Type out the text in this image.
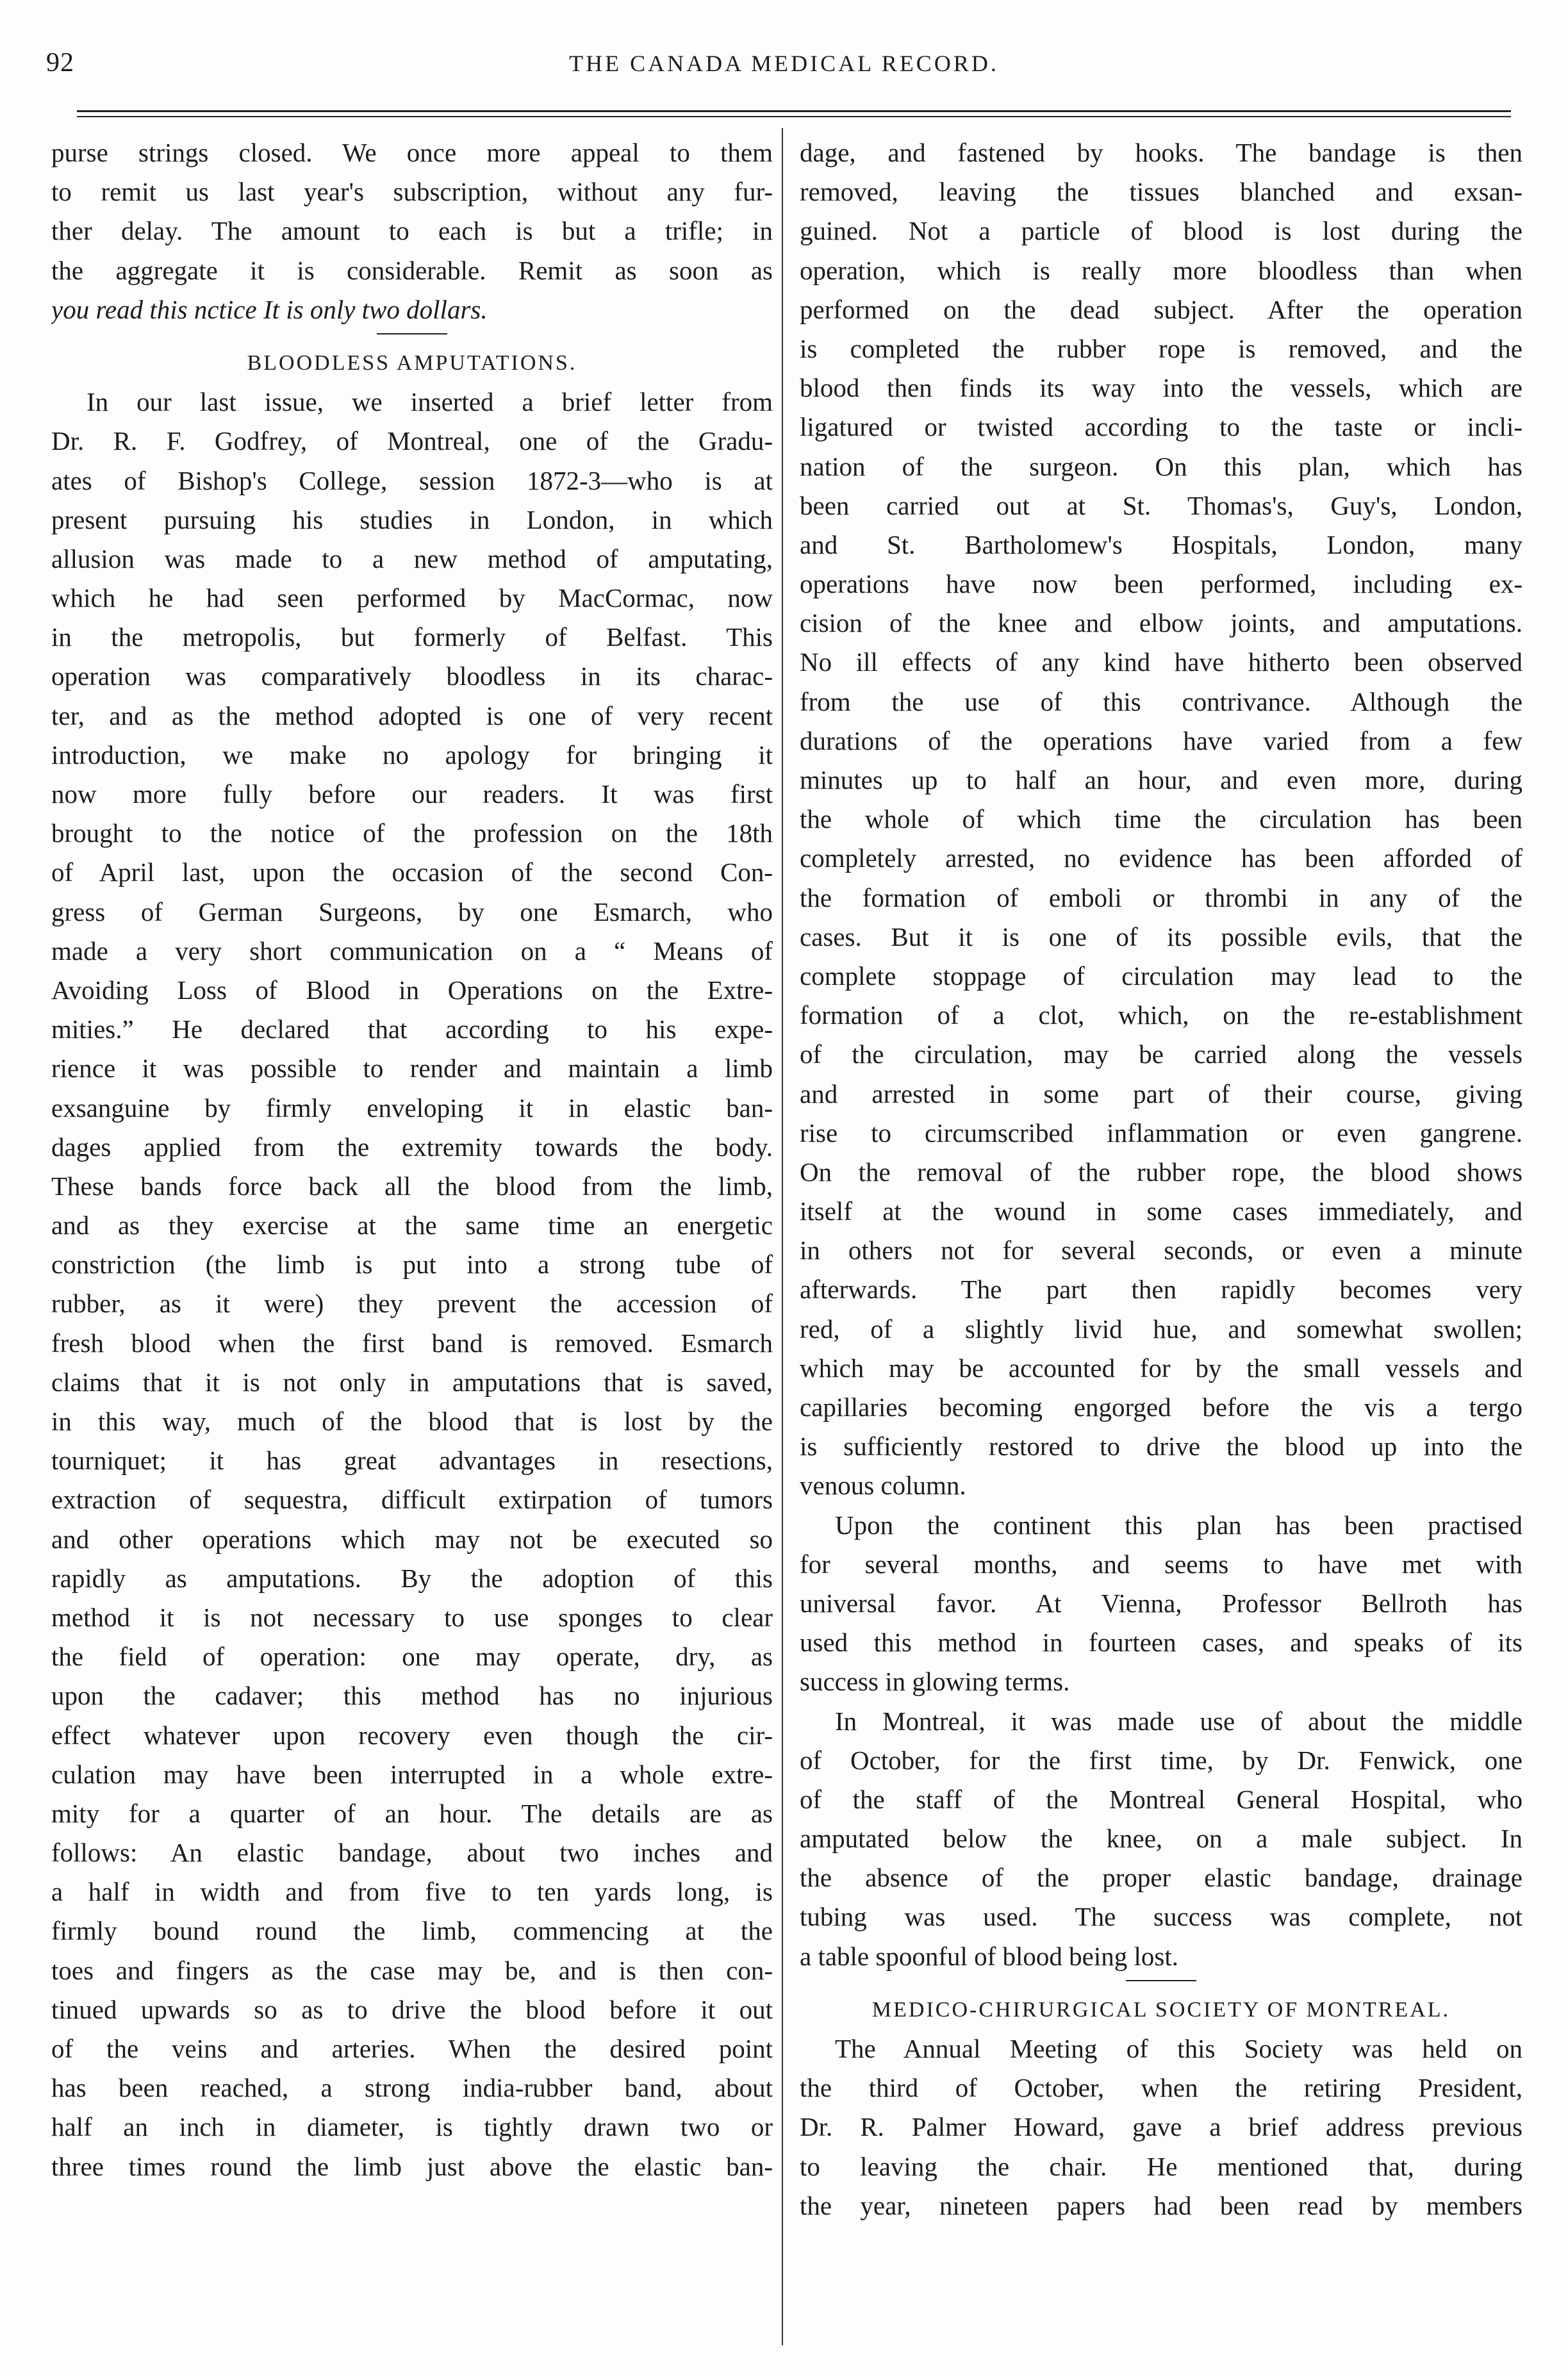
92	THE CANADA MEDICAL RECORD.
purse strings closed. We once more appeal to them
to remit us last year's subscription, without any fur-
ther delay. The amount to each is but a trifle; in
the aggregate it is considerable. Remit as soon as
you read this nctice It is only two dollars.
BLOODLESS AMPUTATIONS.
In our last issue, we inserted a brief letter from
Dr. R. F. Godfrey, of Montreal, one of the Gradu-
ates of Bishop's College, session 1872-3—who is at
present pursuing his studies in London, in which
allusion was made to a new method of amputating,
which he had seen performed by MacCormac, now
in the metropolis, but formerly of Belfast. This
operation was comparatively bloodless in its charac-
ter, and as the method adopted is one of very recent
introduction, we make no apology for bringing it
now more fully before our readers. It was first
brought to the notice of the profession on the 18th
of April last, upon the occasion of the second Con-
gress of German Surgeons, by one Esmarch, who
made a very short communication on a “ Means of
Avoiding Loss of Blood in Operations on the Extre-
mities.” He declared that according to his expe-
rience it was possible to render and maintain a limb
exsanguine by firmly enveloping it in elastic ban-
dages applied from the extremity towards the body.
These bands force back all the blood from the limb,
and as they exercise at the same time an energetic
constriction (the limb is put into a strong tube of
rubber, as it were) they prevent the accession of
fresh blood when the first band is removed. Esmarch
claims that it is not only in amputations that is saved,
in this way, much of the blood that is lost by the
tourniquet; it has great advantages in resections,
extraction of sequestra, difficult extirpation of tumors
and other operations which may not be executed so
rapidly as amputations. By the adoption of this
method it is not necessary to use sponges to clear
the field of operation: one may operate, dry, as
upon the cadaver; this method has no injurious
effect whatever upon recovery even though the cir-
culation may have been interrupted in a whole extre-
mity for a quarter of an hour. The details are as
follows: An elastic bandage, about two inches and
a half in width and from five to ten yards long, is
firmly bound round the limb, commencing at the
toes and fingers as the case may be, and is then con-
tinued upwards so as to drive the blood before it out
of the veins and arteries. When the desired point
has been reached, a strong india-rubber band, about
half an inch in diameter, is tightly drawn two or
three times round the limb just above the elastic ban-
dage, and fastened by hooks. The bandage is then
removed, leaving the tissues blanched and exsan-
guined. Not a particle of blood is lost during the
operation, which is really more bloodless than when
performed on the dead subject. After the operation
is completed the rubber rope is removed, and the
blood then finds its way into the vessels, which are
ligatured or twisted according to the taste or incli-
nation of the surgeon. On this plan, which has
been carried out at St. Thomas's, Guy's, London,
and St. Bartholomew's Hospitals, London, many
operations have now been performed, including ex-
cision of the knee and elbow joints, and amputations.
No ill effects of any kind have hitherto been observed
from the use of this contrivance. Although the
durations of the operations have varied from a few
minutes up to half an hour, and even more, during
the whole of which time the circulation has been
completely arrested, no evidence has been afforded of
the formation of emboli or thrombi in any of the
cases. But it is one of its possible evils, that the
complete stoppage of circulation may lead to the
formation of a clot, which, on the re-establishment
of the circulation, may be carried along the vessels
and arrested in some part of their course, giving
rise to circumscribed inflammation or even gangrene.
On the removal of the rubber rope, the blood shows
itself at the wound in some cases immediately, and
in others not for several seconds, or even a minute
afterwards. The part then rapidly becomes very
red, of a slightly livid hue, and somewhat swollen;
which may be accounted for by the small vessels and
capillaries becoming engorged before the vis a tergo
is sufficiently restored to drive the blood up into the
venous column.
Upon the continent this plan has been practised
for several months, and seems to have met with
universal favor. At Vienna, Professor Bellroth has
used this method in fourteen cases, and speaks of its
success in glowing terms.
In Montreal, it was made use of about the middle
of October, for the first time, by Dr. Fenwick, one
of the staff of the Montreal General Hospital, who
amputated below the knee, on a male subject. In
the absence of the proper elastic bandage, drainage
tubing was used. The success was complete, not
a table spoonful of blood being lost.
MEDICO-CHIRURGICAL SOCIETY OF MONTREAL.
The Annual Meeting of this Society was held on
the third of October, when the retiring President,
Dr. R. Palmer Howard, gave a brief address previous
to leaving the chair. He mentioned that, during
the year, nineteen papers had been read by members
